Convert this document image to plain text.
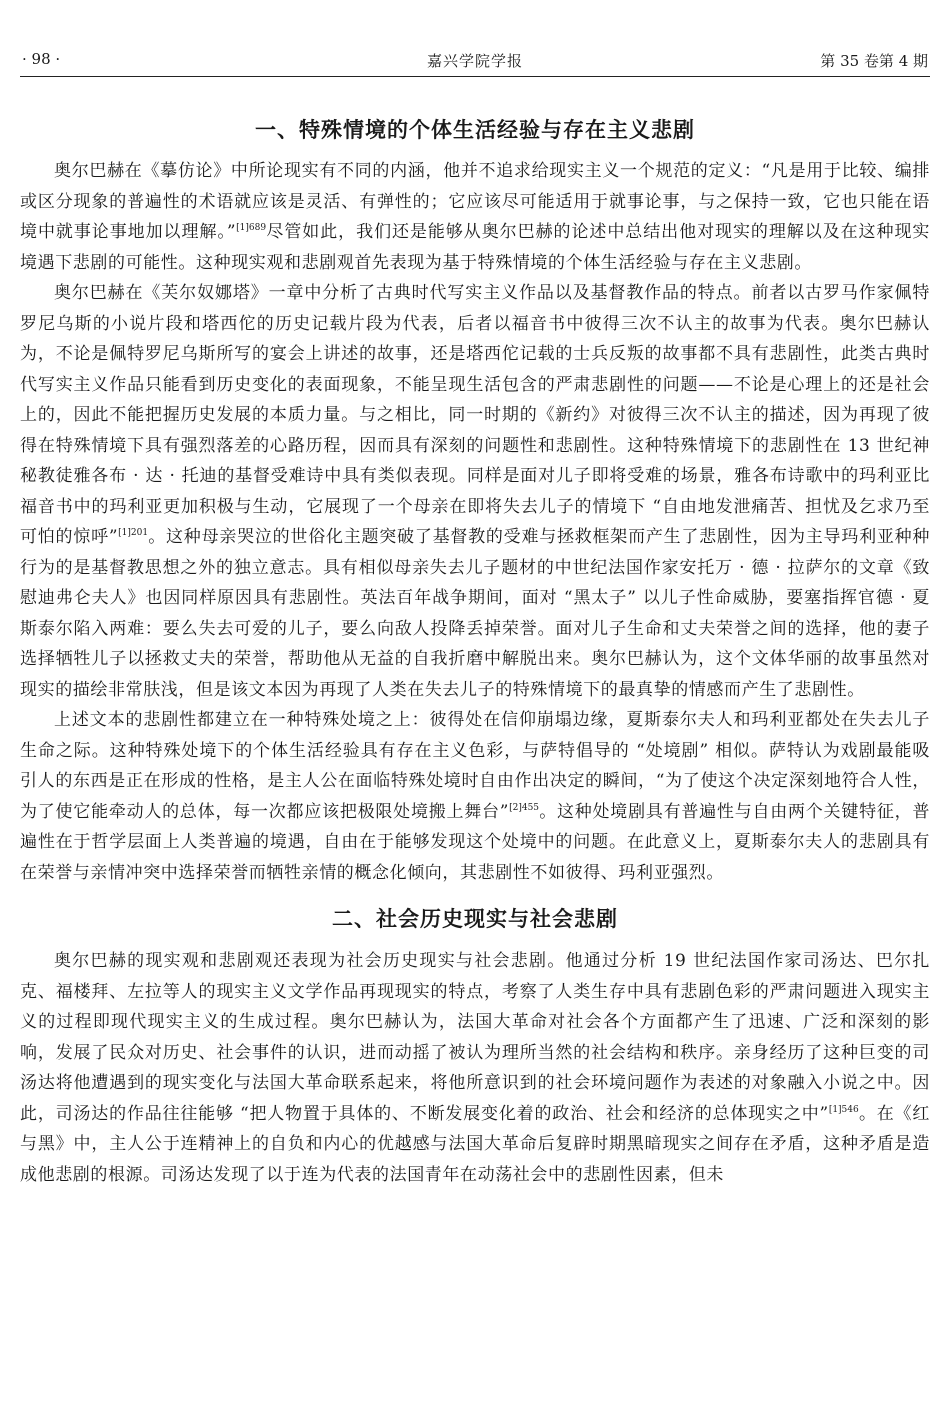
· 98 ·	嘉兴学院学报	第 35 卷第 4 期
一、特殊情境的个体生活经验与存在主义悲剧

奥尔巴赫在《摹仿论》中所论现实有不同的内涵，他并不追求给现实主义一个规范的定义：“凡是用于比较、编排或区分现象的普遍性的术语就应该是灵活、有弹性的；它应该尽可能适用于就事论事，与之保持一致，它也只能在语境中就事论事地加以理解。”$^{[1]689}$尽管如此，我们还是能够从奥尔巴赫的论述中总结出他对现实的理解以及在这种现实境遇下悲剧的可能性。这种现实观和悲剧观首先表现为基于特殊情境的个体生活经验与存在主义悲剧。

奥尔巴赫在《芙尔奴娜塔》一章中分析了古典时代写实主义作品以及基督教作品的特点。前者以古罗马作家佩特罗尼乌斯的小说片段和塔西佗的历史记载片段为代表，后者以福音书中彼得三次不认主的故事为代表。奥尔巴赫认为，不论是佩特罗尼乌斯所写的宴会上讲述的故事，还是塔西佗记载的士兵反叛的故事都不具有悲剧性，此类古典时代写实主义作品只能看到历史变化的表面现象，不能呈现生活包含的严肃悲剧性的问题——不论是心理上的还是社会上的，因此不能把握历史发展的本质力量。与之相比，同一时期的《新约》对彼得三次不认主的描述，因为再现了彼得在特殊情境下具有强烈落差的心路历程，因而具有深刻的问题性和悲剧性。这种特殊情境下的悲剧性在 13 世纪神秘教徒雅各布 · 达 · 托迪的基督受难诗中具有类似表现。同样是面对儿子即将受难的场景，雅各布诗歌中的玛利亚比福音书中的玛利亚更加积极与生动，它展现了一个母亲在即将失去儿子的情境下 “自由地发泄痛苦、担忧及乞求乃至可怕的惊呼”$^{[1]201}$。这种母亲哭泣的世俗化主题突破了基督教的受难与拯救框架而产生了悲剧性，因为主导玛利亚种种行为的是基督教思想之外的独立意志。具有相似母亲失去儿子题材的中世纪法国作家安托万 · 德 · 拉萨尔的文章《致慰迪弗仑夫人》也因同样原因具有悲剧性。英法百年战争期间，面对 “黑太子” 以儿子性命威胁，要塞指挥官德 · 夏斯泰尔陷入两难：要么失去可爱的儿子，要么向敌人投降丢掉荣誉。面对儿子生命和丈夫荣誉之间的选择，他的妻子选择牺牲儿子以拯救丈夫的荣誉，帮助他从无益的自我折磨中解脱出来。奥尔巴赫认为，这个文体华丽的故事虽然对现实的描绘非常肤浅，但是该文本因为再现了人类在失去儿子的特殊情境下的最真挚的情感而产生了悲剧性。

上述文本的悲剧性都建立在一种特殊处境之上：彼得处在信仰崩塌边缘，夏斯泰尔夫人和玛利亚都处在失去儿子生命之际。这种特殊处境下的个体生活经验具有存在主义色彩，与萨特倡导的 “处境剧” 相似。萨特认为戏剧最能吸引人的东西是正在形成的性格，是主人公在面临特殊处境时自由作出决定的瞬间，“为了使这个决定深刻地符合人性，为了使它能牵动人的总体，每一次都应该把极限处境搬上舞台”$^{[2]455}$。这种处境剧具有普遍性与自由两个关键特征，普遍性在于哲学层面上人类普遍的境遇，自由在于能够发现这个处境中的问题。在此意义上，夏斯泰尔夫人的悲剧具有在荣誉与亲情冲突中选择荣誉而牺牲亲情的概念化倾向，其悲剧性不如彼得、玛利亚强烈。

二、社会历史现实与社会悲剧

奥尔巴赫的现实观和悲剧观还表现为社会历史现实与社会悲剧。他通过分析 19 世纪法国作家司汤达、巴尔扎克、福楼拜、左拉等人的现实主义文学作品再现现实的特点，考察了人类生存中具有悲剧色彩的严肃问题进入现实主义的过程即现代现实主义的生成过程。奥尔巴赫认为，法国大革命对社会各个方面都产生了迅速、广泛和深刻的影响，发展了民众对历史、社会事件的认识，进而动摇了被认为理所当然的社会结构和秩序。亲身经历了这种巨变的司汤达将他遭遇到的现实变化与法国大革命联系起来，将他所意识到的社会环境问题作为表述的对象融入小说之中。因此，司汤达的作品往往能够 “把人物置于具体的、不断发展变化着的政治、社会和经济的总体现实之中”$^{[1]546}$。在《红与黑》中，主人公于连精神上的自负和内心的优越感与法国大革命后复辟时期黑暗现实之间存在矛盾，这种矛盾是造成他悲剧的根源。司汤达发现了以于连为代表的法国青年在动荡社会中的悲剧性因素，但未
